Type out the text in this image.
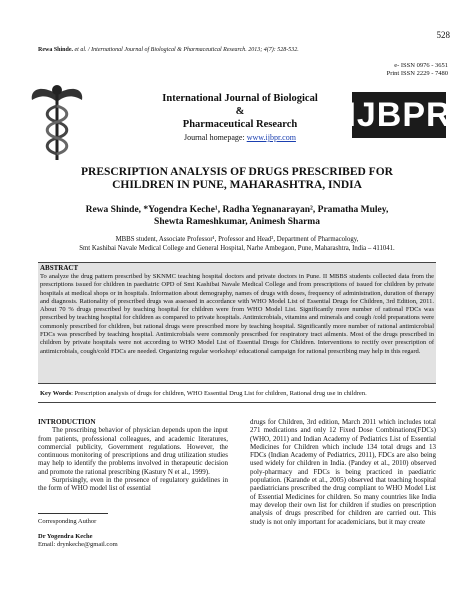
528
Rewa Shinde. et al. / International Journal of Biological & Pharmaceutical Research. 2013; 4(7): 528-532.
e- ISSN 0976 - 3651
Print ISSN 2229 - 7480
International Journal of Biological
&
Pharmaceutical Research
Journal homepage: www.ijbpr.com
IJBPR
PRESCRIPTION ANALYSIS OF DRUGS PRESCRIBED FOR
CHILDREN IN PUNE, MAHARASHTRA, INDIA
Rewa Shinde, *Yogendra Keche¹, Radha Yegnanarayan², Pramatha Muley,
Shewta Rameshkumar, Animesh Sharma
MBBS student, Associate Professor¹, Professor and Head², Department of Pharmacology,
Smt Kashibai Navale Medical College and General Hospital, Narhe Ambegaon, Pune, Maharashtra, India – 411041.
ABSTRACT
To analyze the drug pattern prescribed by SKNMC teaching hospital doctors and private doctors in Pune. II MBBS students collected data from the prescriptions issued for children in paediatric OPD of Smt Kashibai Navale Medical College and from prescriptions of issued for children by private hospitals at medical shops or in hospitals. Information about demography, names of drugs with doses, frequency of administration, duration of therapy and diagnosis. Rationality of prescribed drugs was assessed in accordance with WHO Model List of Essential Drugs for Children, 3rd Edition, 2011. About 70 % drugs prescribed by teaching hospital for children were from WHO Model List. Significantly more number of rational FDCs was prescribed by teaching hospital for children as compared to private hospitals. Antimicrobials, vitamins and minerals and cough /cold preparations were commonly prescribed for children, but rational drugs were prescribed more by teaching hospital. Significantly more number of rational antimicrobial FDCs was prescribed by teaching hospital. Antimicrobials were commonly prescribed for respiratory tract ailments. Most of the drugs prescribed in children by private hospitals were not according to WHO Model List of Essential Drugs for Children. Interventions to rectify over prescription of antimicrobials, cough/cold FDCs are needed. Organizing regular workshop/ educational campaign for rational prescribing may help in this regard.
Key Words: Prescription analysis of drugs for children, WHO Essential Drug List for children, Rational drug use in children.
INTRODUCTION
The prescribing behavior of physician depends upon the input from patients, professional colleagues, and academic literatures, commercial publicity, Government regulations. However, the continuous monitoring of prescriptions and drug utilization studies may help to identify the problems involved in therapeutic decision and promote the rational prescribing (Kastury N et al., 1999).
Surprisingly, even in the presence of regulatory guidelines in the form of WHO model list of essential
drugs for Children, 3rd edition, March 2011 which includes total 271 medications and only 12 Fixed Dose Combinations(FDCs) (WHO, 2011) and Indian Academy of Pediatrics List of Essential Medicines for Children which include 134 total drugs and 13 FDCs (Indian Academy of Pediatrics, 2011), FDCs are also being used widely for children in India. (Pandey et al., 2010) observed poly-pharmacy and FDCs is being practiced in paediatric population. (Karande et al., 2005) observed that teaching hospital paediatricians prescribed the drug compliant to WHO Model List of Essential Medicines for children. So many countries like India may develop their own list for children if studies on prescription analysis of drugs prescribed for children are carried out. This study is not only important for academicians, but it may create
Corresponding Author
Dr Yogendra Keche
Email: drynkeche@gmail.com
